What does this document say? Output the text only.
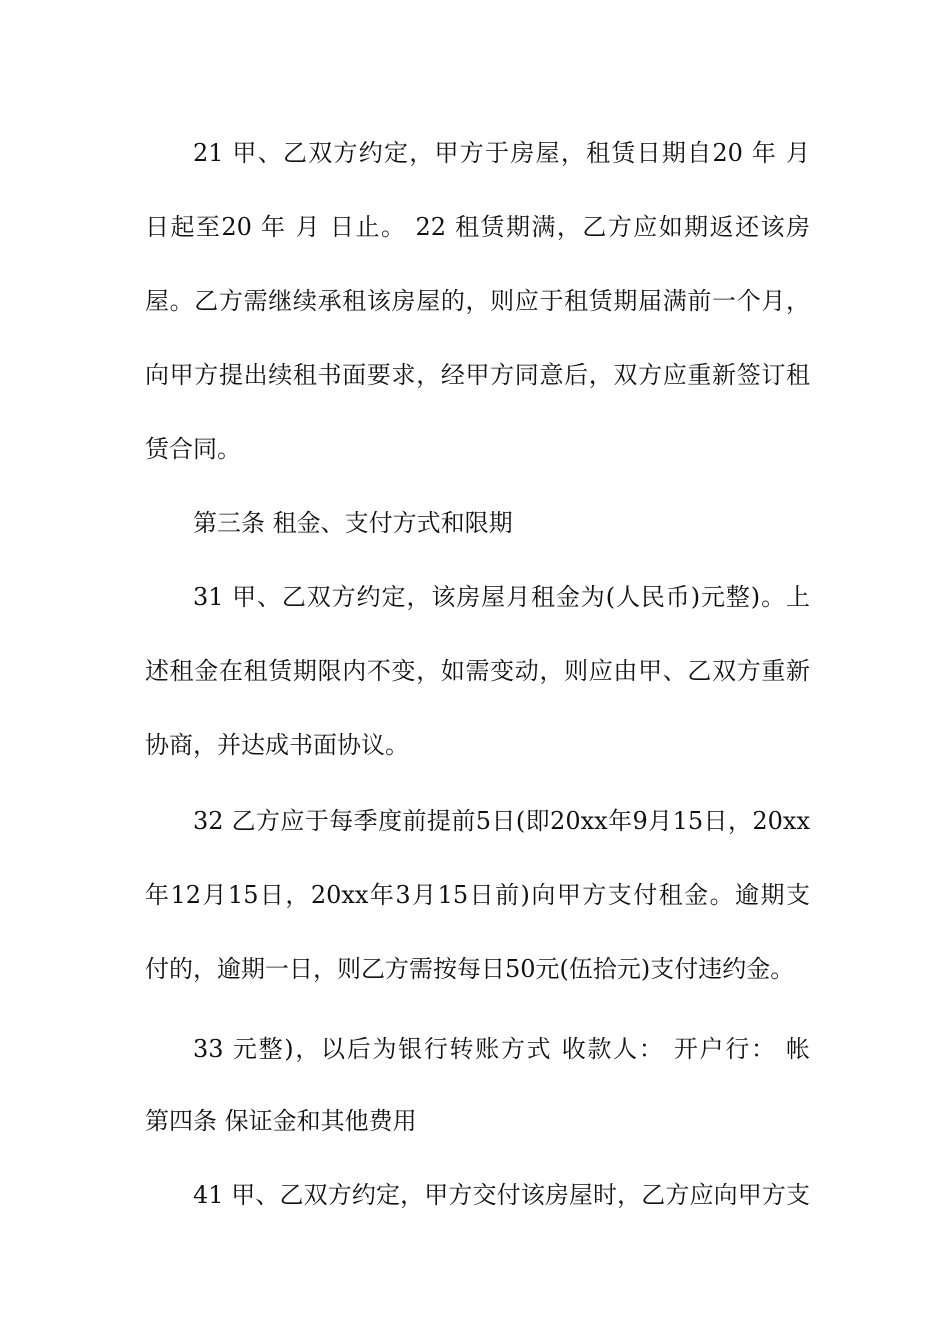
21 甲、乙双方约定，甲方于房屋，租赁日期自20 年 月
日起至20 年 月 日止。 22 租赁期满，乙方应如期返还该房
屋。乙方需继续承租该房屋的，则应于租赁期届满前一个月，
向甲方提出续租书面要求，经甲方同意后，双方应重新签订租
赁合同。
第三条 租金、支付方式和限期
31 甲、乙双方约定，该房屋月租金为(人民币)元整)。上
述租金在租赁期限内不变，如需变动，则应由甲、乙双方重新
协商，并达成书面协议。
32 乙方应于每季度前提前5日(即20xx年9月15日，20xx
年12月15日，20xx年3月15日前)向甲方支付租金。逾期支
付的，逾期一日，则乙方需按每日50元(伍拾元)支付违约金。
33 元整)，以后为银行转账方式 收款人： 开户行： 帐
第四条 保证金和其他费用
41 甲、乙双方约定，甲方交付该房屋时，乙方应向甲方支
